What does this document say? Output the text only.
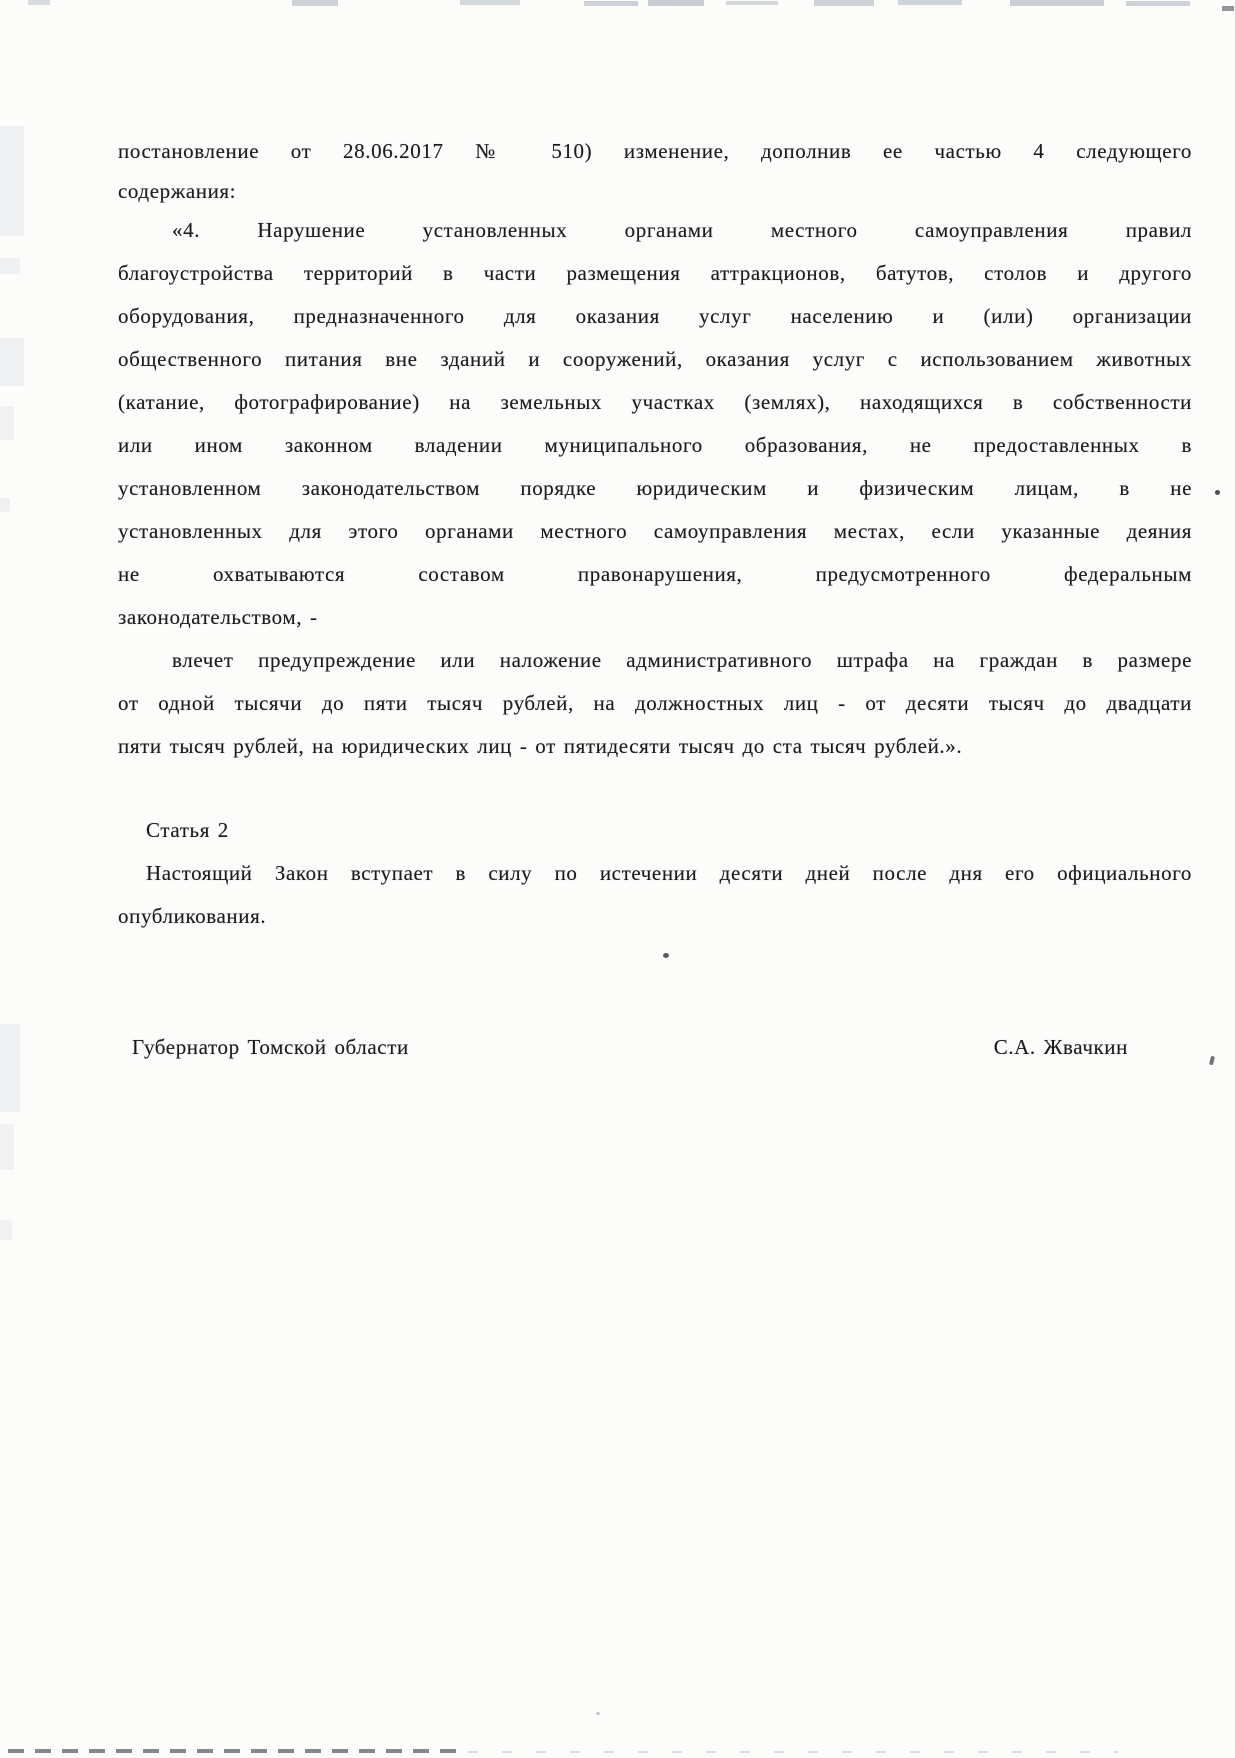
постановление от 28.06.2017 № 510) изменение, дополнив ее частью 4 следующего
содержания:
«4. Нарушение установленных органами местного самоуправления правил
благоустройства территорий в части размещения аттракционов, батутов, столов и другого
оборудования, предназначенного для оказания услуг населению и (или) организации
общественного питания вне зданий и сооружений, оказания услуг с использованием животных
(катание, фотографирование) на земельных участках (землях), находящихся в собственности
или ином законном владении муниципального образования, не предоставленных в
установленном законодательством порядке юридическим и физическим лицам, в не
установленных для этого органами местного самоуправления местах, если указанные деяния
не охватываются составом правонарушения, предусмотренного федеральным
законодательством, -
влечет предупреждение или наложение административного штрафа на граждан в размере
от одной тысячи до пяти тысяч рублей, на должностных лиц - от десяти тысяч до двадцати
пяти тысяч рублей, на юридических лиц - от пятидесяти тысяч до ста тысяч рублей.».
Статья 2
Настоящий Закон вступает в силу по истечении десяти дней после дня его официального
опубликования.
Губернатор Томской области	С.А. Жвачкин
